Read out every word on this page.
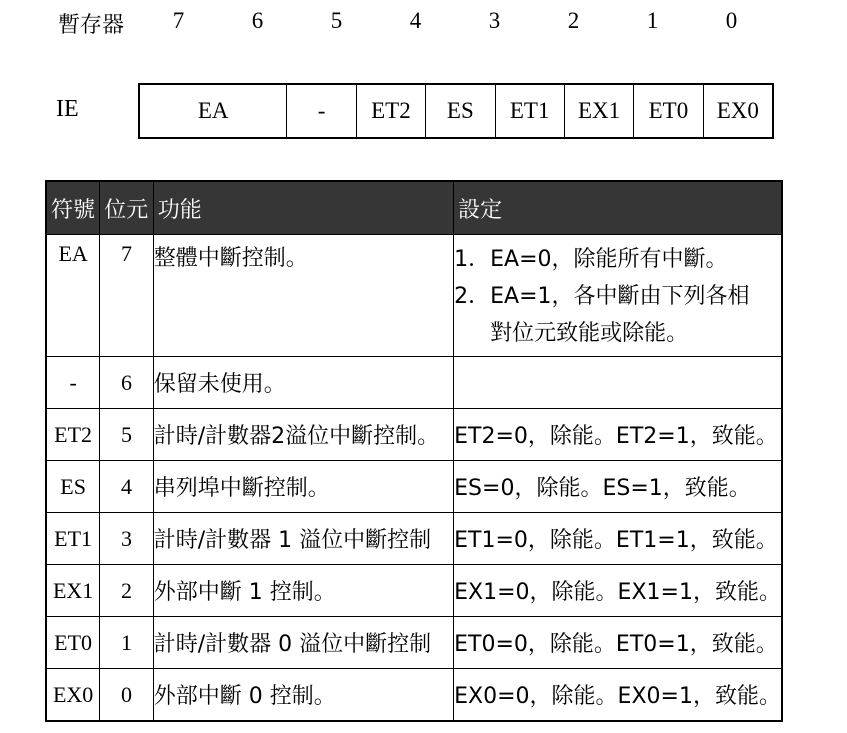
暫存器	7	6	5	4	3	2	1	0
IE	EA	-	ET2	ES	ET1	EX1	ET0	EX0
符號	位元	功能	設定
EA	7	整體中斷控制。	1．EA=0，除能所有中斷。
2．EA=1，各中斷由下列各相
對位元致能或除能。

-	6	保留未使用。	
ET2	5	計時/計數器2溢位中斷控制。	ET2=0，除能。ET2=1，致能。
ES	4	串列埠中斷控制。	ES=0，除能。ES=1，致能。
ET1	3	計時/計數器 1 溢位中斷控制	ET1=0，除能。ET1=1，致能。
EX1	2	外部中斷 1 控制。	EX1=0，除能。EX1=1，致能。
ET0	1	計時/計數器 0 溢位中斷控制	ET0=0，除能。ET0=1，致能。
EX0	0	外部中斷 0 控制。	EX0=0，除能。EX0=1，致能。
